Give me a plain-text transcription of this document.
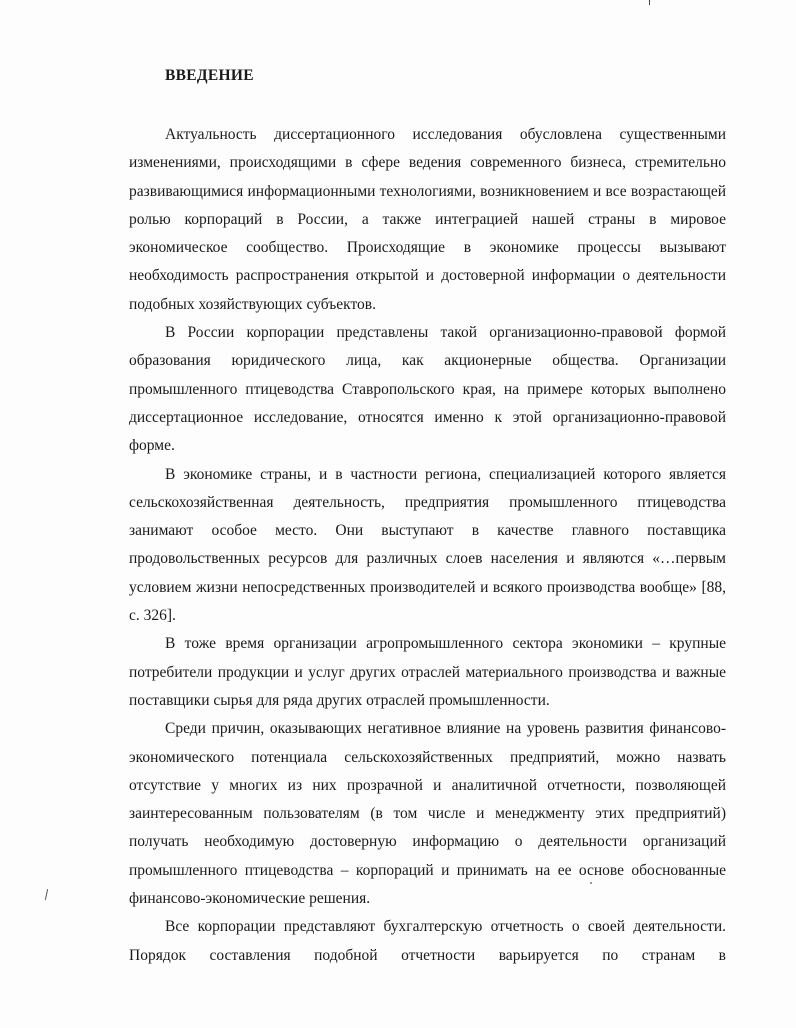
ВВЕДЕНИЕ

Актуальность диссертационного исследования обусловлена существенными изменениями, происходящими в сфере ведения современного бизнеса, стремительно развивающимися информационными технологиями, возникновением и все возрастающей ролью корпораций в России, а также интеграцией нашей страны в мировое экономическое сообщество. Происходящие в экономике процессы вызывают необходимость распространения открытой и достоверной информации о деятельности подобных хозяйствующих субъектов.

В России корпорации представлены такой организационно-правовой формой образования юридического лица, как акционерные общества. Организации промышленного птицеводства Ставропольского края, на примере которых выполнено диссертационное исследование, относятся именно к этой организационно-правовой форме.

В экономике страны, и в частности региона, специализацией которого является сельскохозяйственная деятельность, предприятия промышленного птицеводства занимают особое место. Они выступают в качестве главного поставщика продовольственных ресурсов для различных слоев населения и являются «…первым условием жизни непосредственных производителей и всякого производства вообще» [88, с. 326].

В тоже время организации агропромышленного сектора экономики – крупные потребители продукции и услуг других отраслей материального производства и важные поставщики сырья для ряда других отраслей промышленности.

Среди причин, оказывающих негативное влияние на уровень развития финансово-экономического потенциала сельскохозяйственных предприятий, можно назвать отсутствие у многих из них прозрачной и аналитичной отчетности, позволяющей заинтересованным пользователям (в том числе и менеджменту этих предприятий) получать необходимую достоверную информацию о деятельности организаций промышленного птицеводства – корпораций и принимать на ее основе обоснованные финансово-экономические решения.

Все корпорации представляют бухгалтерскую отчетность о своей деятельности. Порядок составления подобной отчетности варьируется по странам в
